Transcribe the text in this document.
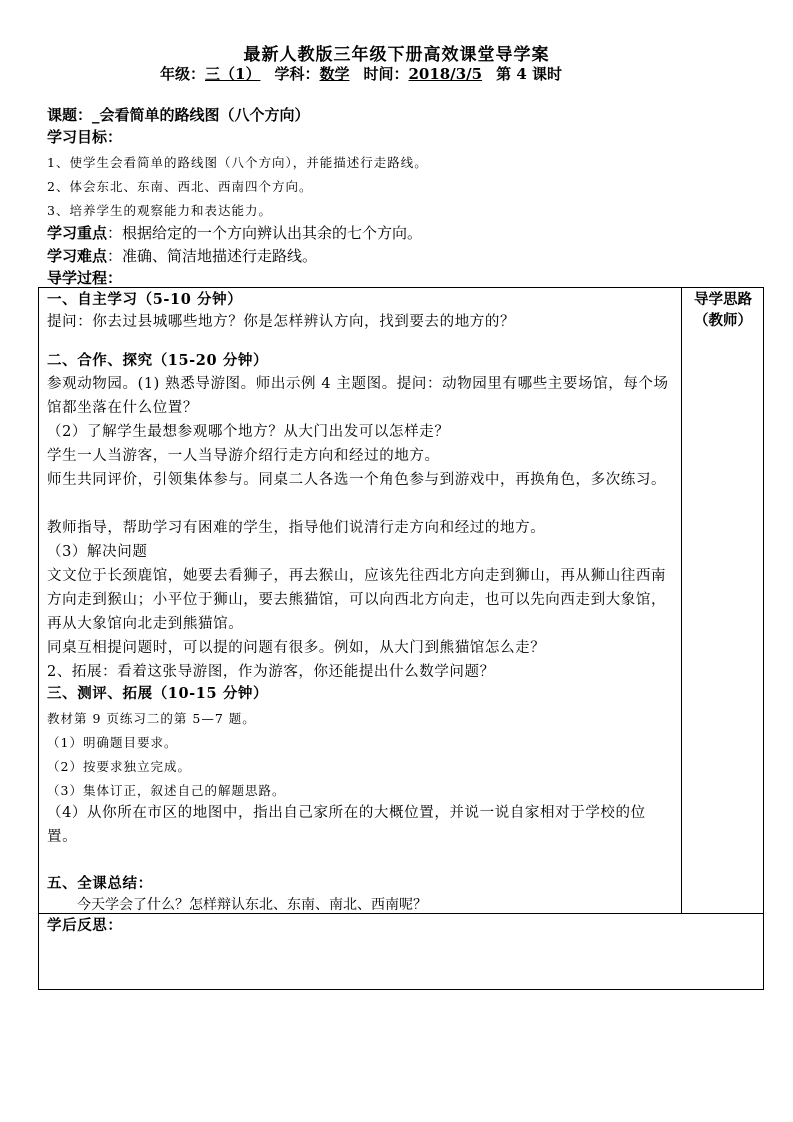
最新人教版三年级下册高效课堂导学案
年级：三（1） 学科：数学 时间：2018/3/5 第 4 课时
课题：_会看简单的路线图（八个方向）
学习目标：
1、使学生会看简单的路线图（八个方向），并能描述行走路线。
2、体会东北、东南、西北、西南四个方向。
3、培养学生的观察能力和表达能力。
学习重点：根据给定的一个方向辨认出其余的七个方向。
学习难点：准确、简洁地描述行走路线。
导学过程：
导学思路
（教师）
一、自主学习（5-10 分钟）
提问：你去过县城哪些地方？你是怎样辨认方向，找到要去的地方的？
二、合作、探究（15-20 分钟）
参观动物园。(1) 熟悉导游图。师出示例 4 主题图。提问：动物园里有哪些主要场馆，每个场馆都坐落在什么位置？
（2）了解学生最想参观哪个地方？从大门出发可以怎样走？
学生一人当游客，一人当导游介绍行走方向和经过的地方。
师生共同评价，引领集体参与。同桌二人各选一个角色参与到游戏中，再换角色，多次练习。
教师指导，帮助学习有困难的学生，指导他们说清行走方向和经过的地方。
（3）解决问题
文文位于长颈鹿馆，她要去看狮子，再去猴山，应该先往西北方向走到狮山，再从狮山往西南方向走到猴山；小平位于狮山，要去熊猫馆，可以向西北方向走，也可以先向西走到大象馆，再从大象馆向北走到熊猫馆。
同桌互相提问题时，可以提的问题有很多。例如，从大门到熊猫馆怎么走？
2、拓展：看着这张导游图，作为游客，你还能提出什么数学问题？
三、测评、拓展（10-15 分钟）
教材第 9 页练习二的第 5—7 题。
（1）明确题目要求。
（2）按要求独立完成。
（3）集体订正，叙述自己的解题思路。
（4）从你所在市区的地图中，指出自己家所在的大概位置，并说一说自家相对于学校的位置。
五、全课总结：
今天学会了什么？怎样辩认东北、东南、南北、西南呢？
学后反思：
